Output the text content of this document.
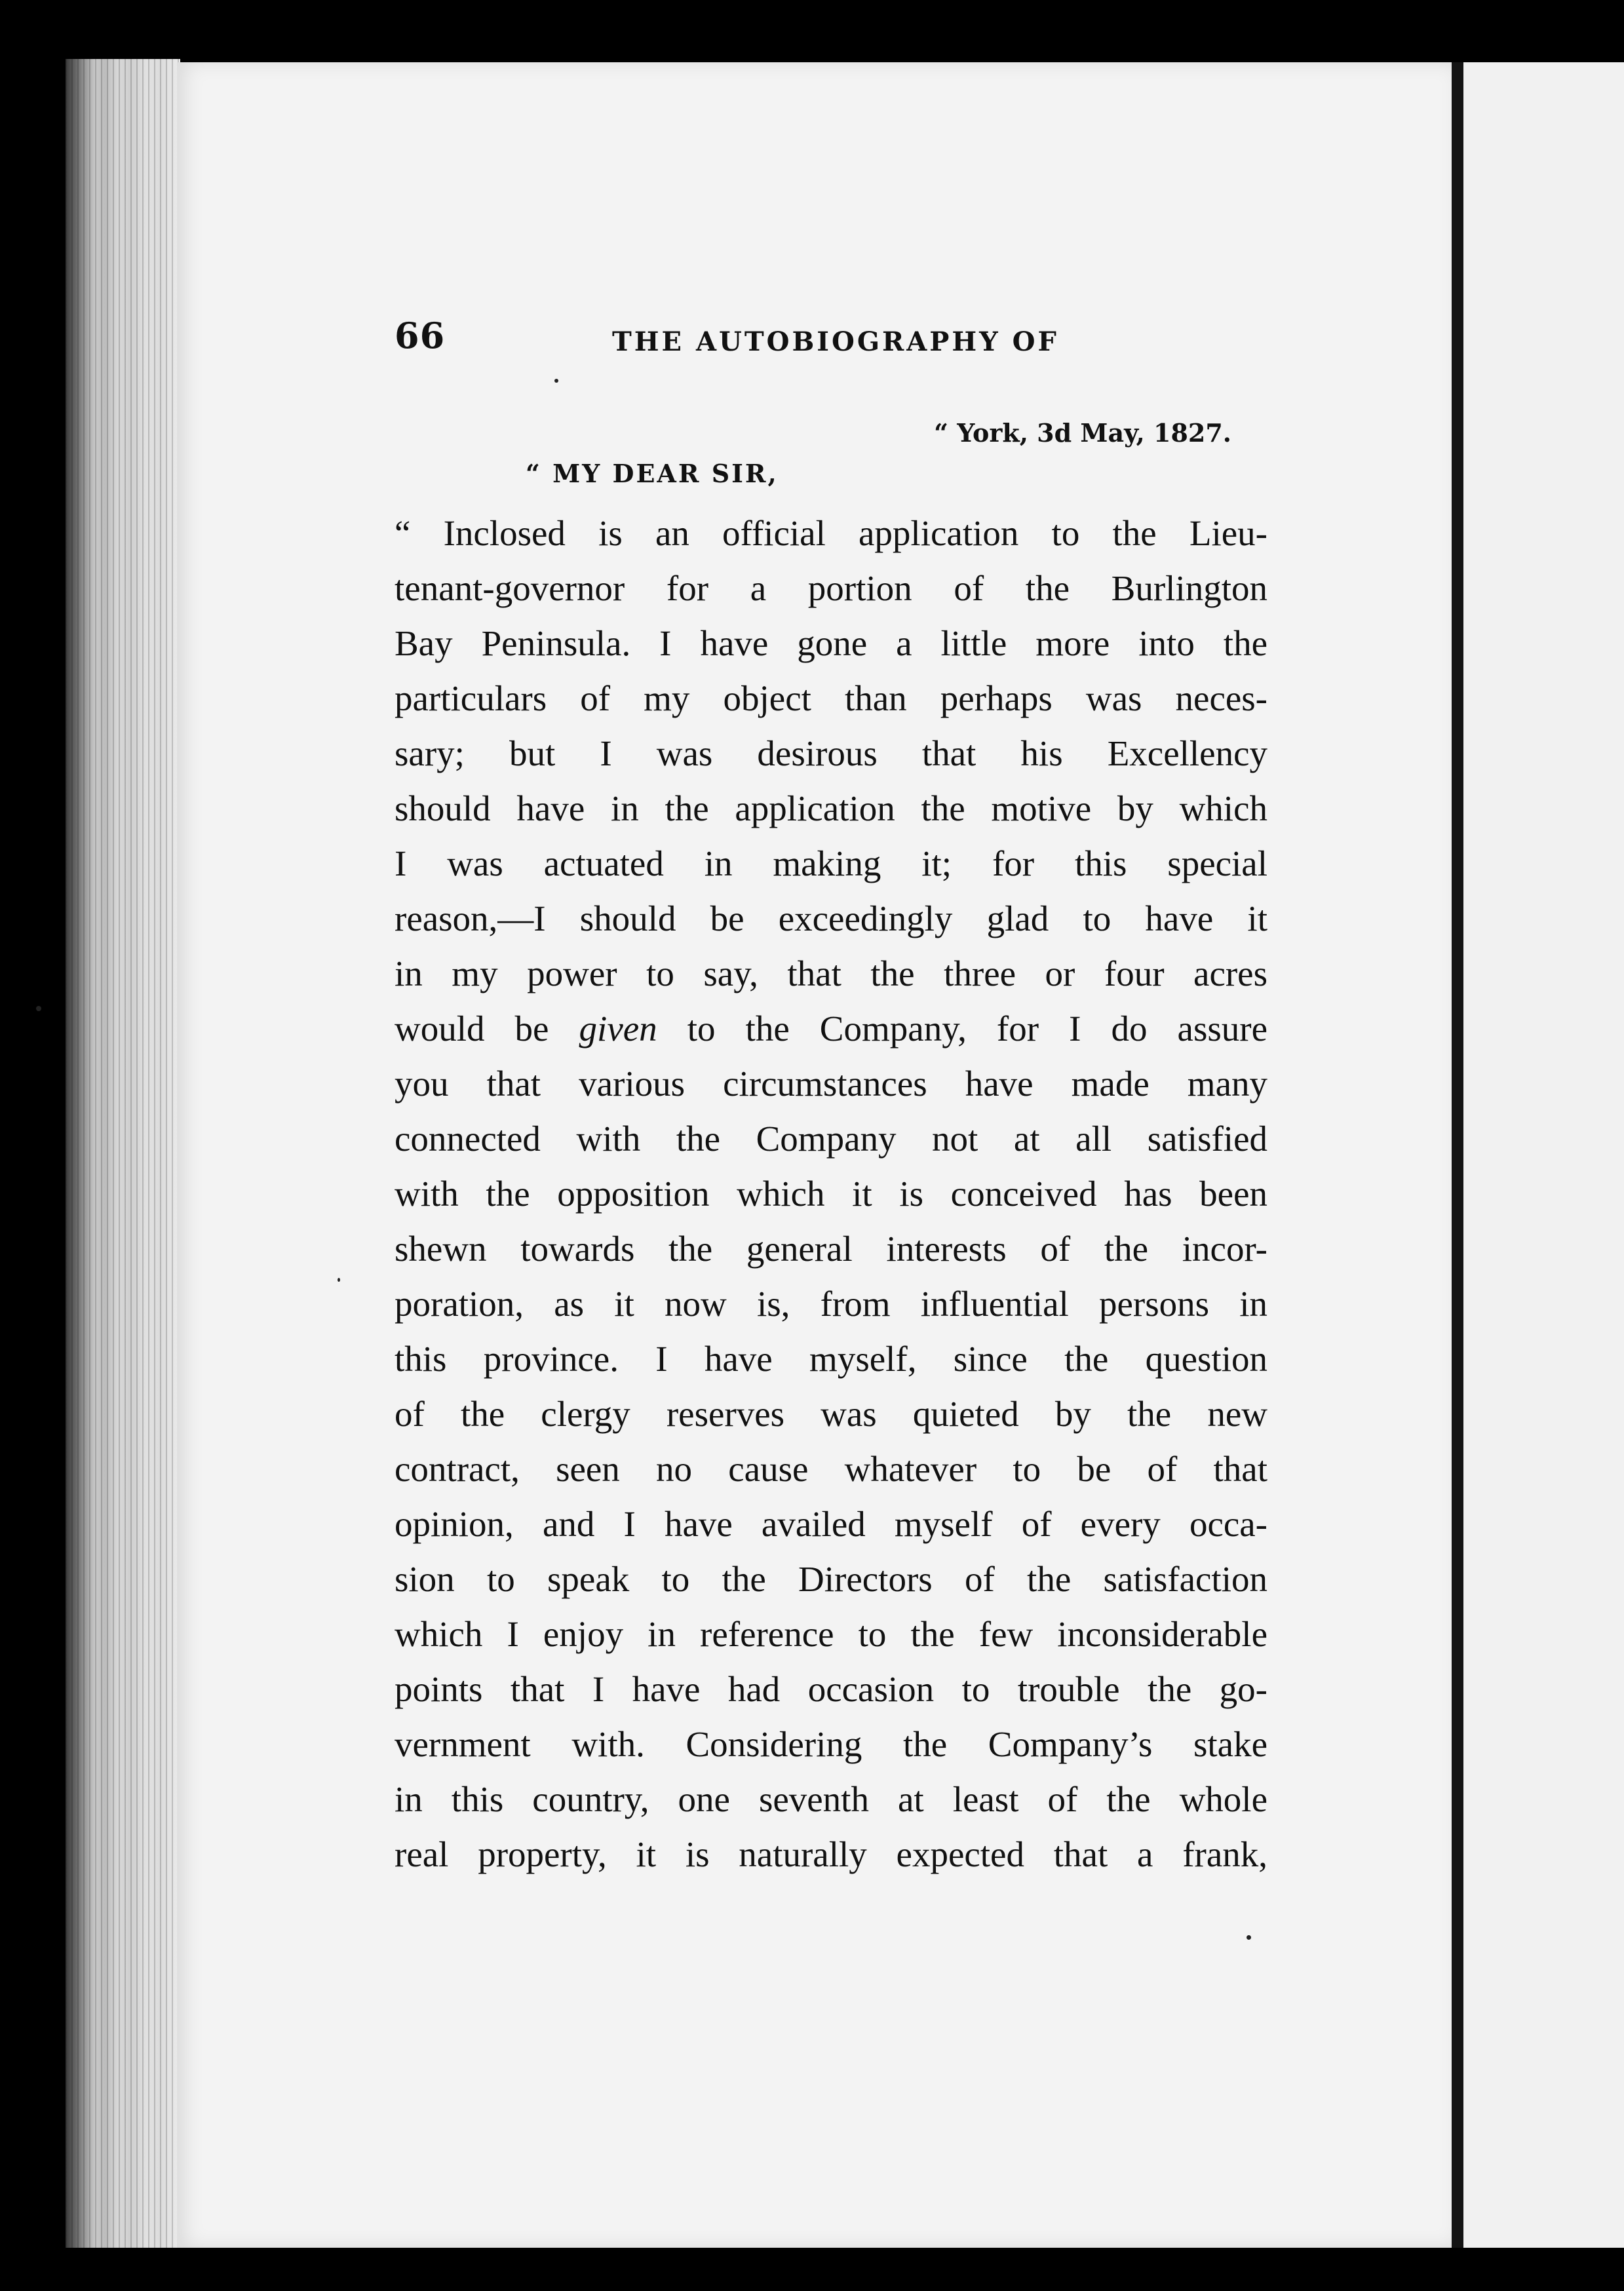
66	THE AUTOBIOGRAPHY OF
“ York, 3d May, 1827.
“ MY DEAR SIR,
“ Inclosed is an official application to the Lieu-
tenant-governor for a portion of the Burlington
Bay Peninsula. I have gone a little more into the
particulars of my object than perhaps was neces-
sary; but I was desirous that his Excellency
should have in the application the motive by which
I was actuated in making it; for this special
reason,—I should be exceedingly glad to have it
in my power to say, that the three or four acres
would be given to the Company, for I do assure
you that various circumstances have made many
connected with the Company not at all satisfied
with the opposition which it is conceived has been
shewn towards the general interests of the incor-
poration, as it now is, from influential persons in
this province. I have myself, since the question
of the clergy reserves was quieted by the new
contract, seen no cause whatever to be of that
opinion, and I have availed myself of every occa-
sion to speak to the Directors of the satisfaction
which I enjoy in reference to the few inconsiderable
points that I have had occasion to trouble the go-
vernment with. Considering the Company’s stake
in this country, one seventh at least of the whole
real property, it is naturally expected that a frank,
